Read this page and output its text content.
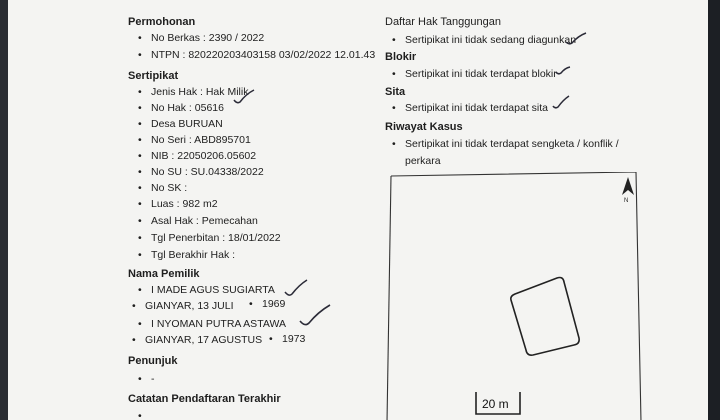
Permohonan
• No Berkas : 2390 / 2022
• NTPN : 820220203403158 03/02/2022 12.01.43
Sertipikat
• Jenis Hak : Hak Milik
• No Hak : 05616
• Desa BURUAN
• No Seri : ABD895701
• NIB : 22050206.05602
• No SU : SU.04338/2022
• No SK :
• Luas : 982 m2
• Asal Hak : Pemecahan
• Tgl Penerbitan : 18/01/2022
• Tgl Berakhir Hak :
Nama Pemilik
• I MADE AGUS SUGIARTA
• GIANYAR, 13 JULI	• 1969
• I NYOMAN PUTRA ASTAWA
• GIANYAR, 17 AGUSTUS • 1973
Penunjuk
• -
Catatan Pendaftaran Terakhir
Daftar Hak Tanggungan
• Sertipikat ini tidak sedang diagunkan
Blokir
• Sertipikat ini tidak terdapat blokir
Sita
• Sertipikat ini tidak terdapat sita
Riwayat Kasus
• Sertipikat ini tidak terdapat sengketa / konflik /
perkara
N
20 m
